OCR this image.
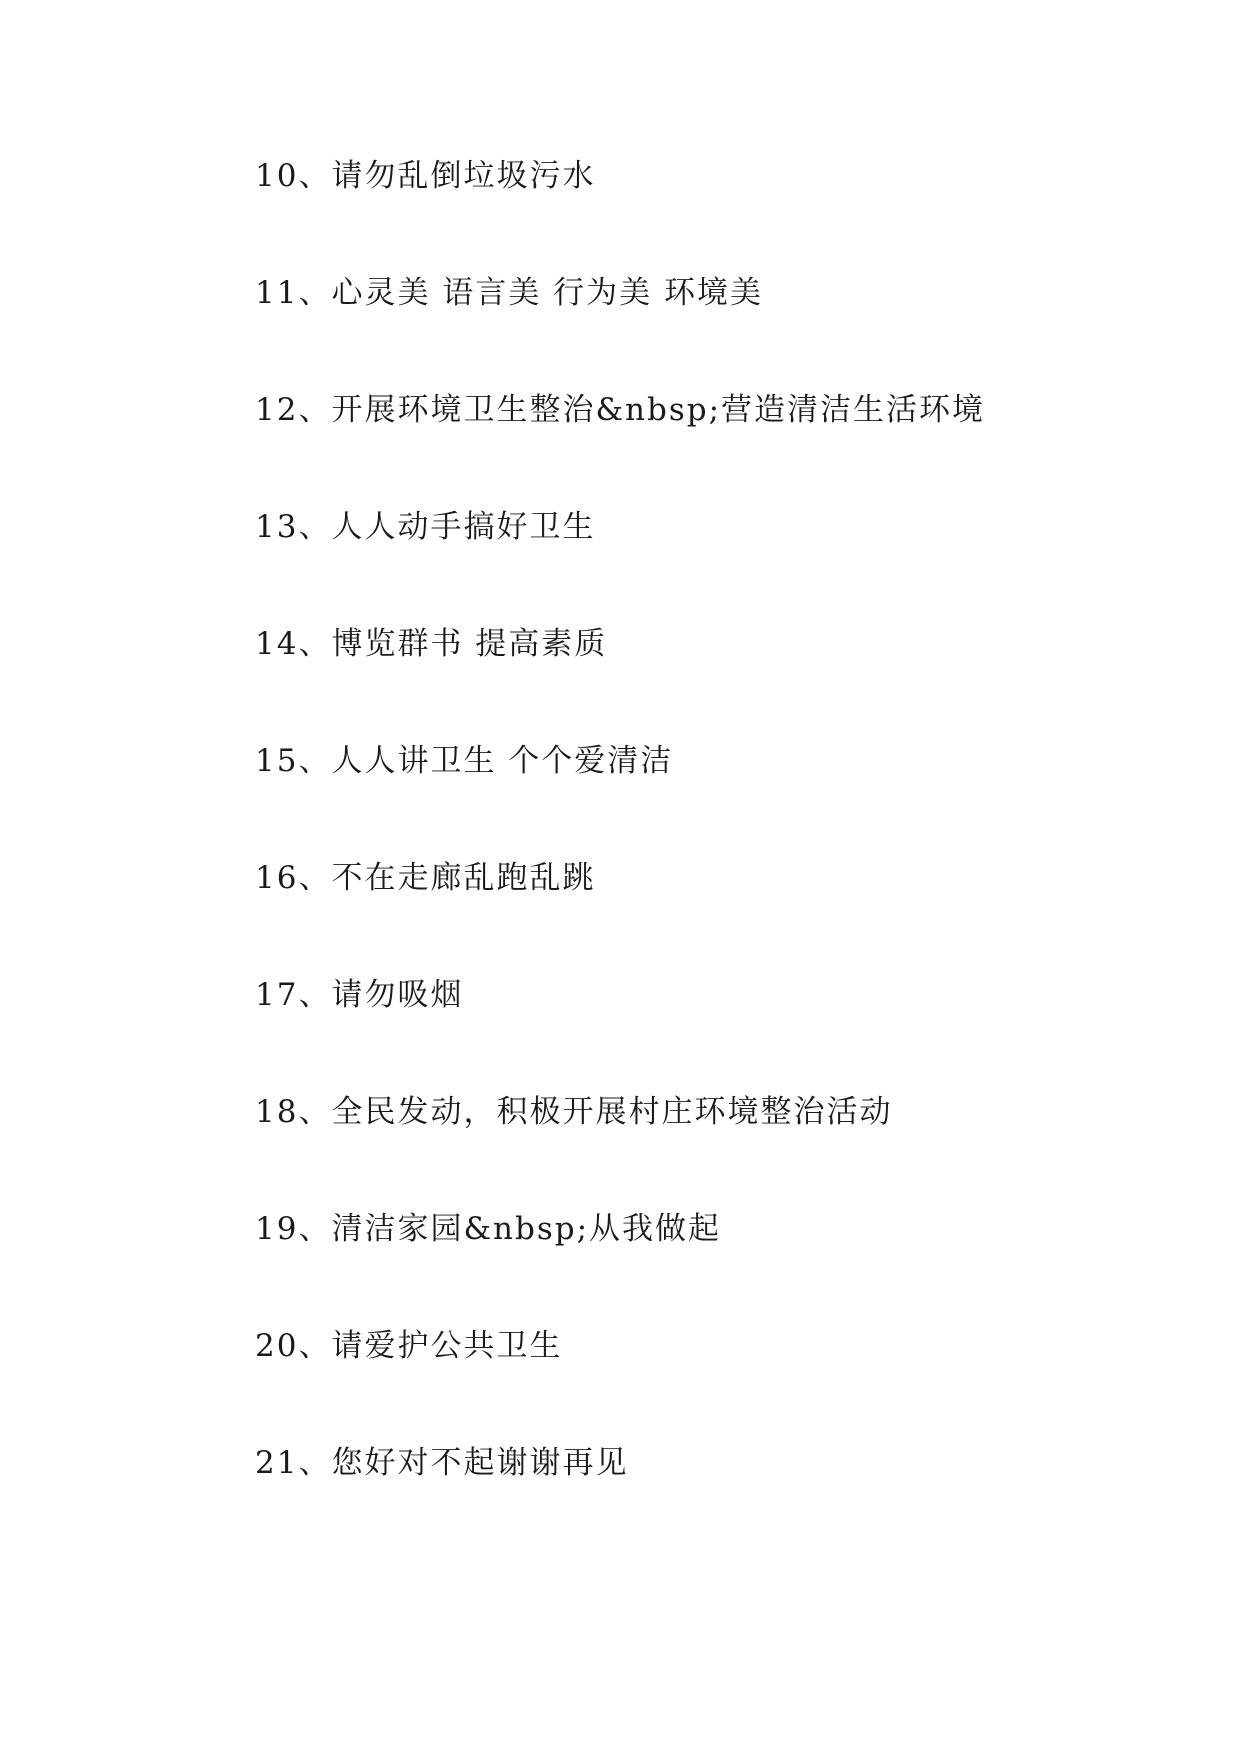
10、请勿乱倒垃圾污水
11、心灵美 语言美 行为美 环境美
12、开展环境卫生整治&nbsp;营造清洁生活环境
13、人人动手搞好卫生
14、博览群书 提高素质
15、人人讲卫生 个个爱清洁
16、不在走廊乱跑乱跳
17、请勿吸烟
18、全民发动，积极开展村庄环境整治活动
19、清洁家园&nbsp;从我做起
20、请爱护公共卫生
21、您好对不起谢谢再见
